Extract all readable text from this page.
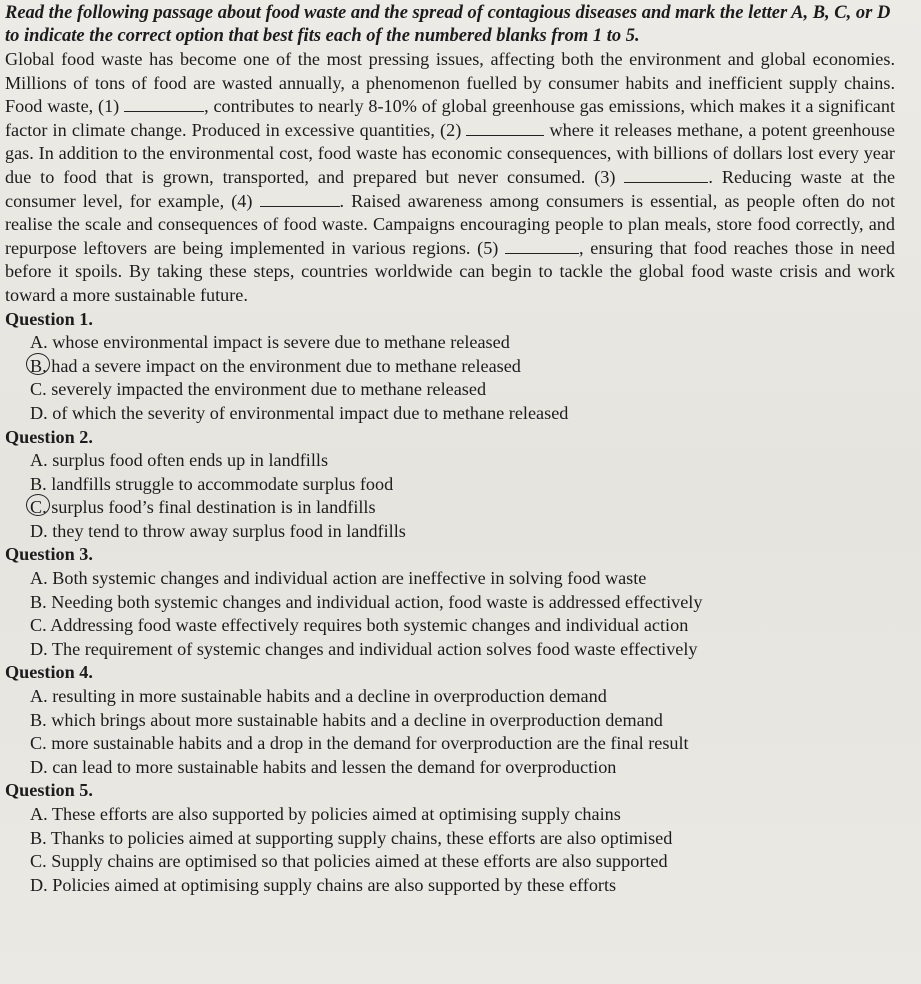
Read the following passage about food waste and the spread of contagious diseases and mark the letter A, B, C, or D to indicate the correct option that best fits each of the numbered blanks from 1 to 5.

Global food waste has become one of the most pressing issues, affecting both the environment and global economies. Millions of tons of food are wasted annually, a phenomenon fuelled by consumer habits and inefficient supply chains. Food waste, (1)	, contributes to nearly 8-10% of global greenhouse gas emissions, which makes it a significant factor in climate change. Produced in excessive quantities, (2)	where it releases methane, a potent greenhouse gas. In addition to the environmental cost, food waste has economic consequences, with billions of dollars lost every year due to food that is grown, transported, and prepared but never consumed. (3)	. Reducing waste at the consumer level, for example, (4)	. Raised awareness among consumers is essential, as people often do not realise the scale and consequences of food waste. Campaigns encouraging people to plan meals, store food correctly, and repurpose leftovers are being implemented in various regions. (5)	, ensuring that food reaches those in need before it spoils. By taking these steps, countries worldwide can begin to tackle the global food waste crisis and work toward a more sustainable future.

Question 1.
A. whose environmental impact is severe due to methane released
B. had a severe impact on the environment due to methane released
C. severely impacted the environment due to methane released
D. of which the severity of environmental impact due to methane released
Question 2.
A. surplus food often ends up in landfills
B. landfills struggle to accommodate surplus food
C. surplus food’s final destination is in landfills
D. they tend to throw away surplus food in landfills
Question 3.
A. Both systemic changes and individual action are ineffective in solving food waste
B. Needing both systemic changes and individual action, food waste is addressed effectively
C. Addressing food waste effectively requires both systemic changes and individual action
D. The requirement of systemic changes and individual action solves food waste effectively
Question 4.
A. resulting in more sustainable habits and a decline in overproduction demand
B. which brings about more sustainable habits and a decline in overproduction demand
C. more sustainable habits and a drop in the demand for overproduction are the final result
D. can lead to more sustainable habits and lessen the demand for overproduction
Question 5.
A. These efforts are also supported by policies aimed at optimising supply chains
B. Thanks to policies aimed at supporting supply chains, these efforts are also optimised
C. Supply chains are optimised so that policies aimed at these efforts are also supported
D. Policies aimed at optimising supply chains are also supported by these efforts
